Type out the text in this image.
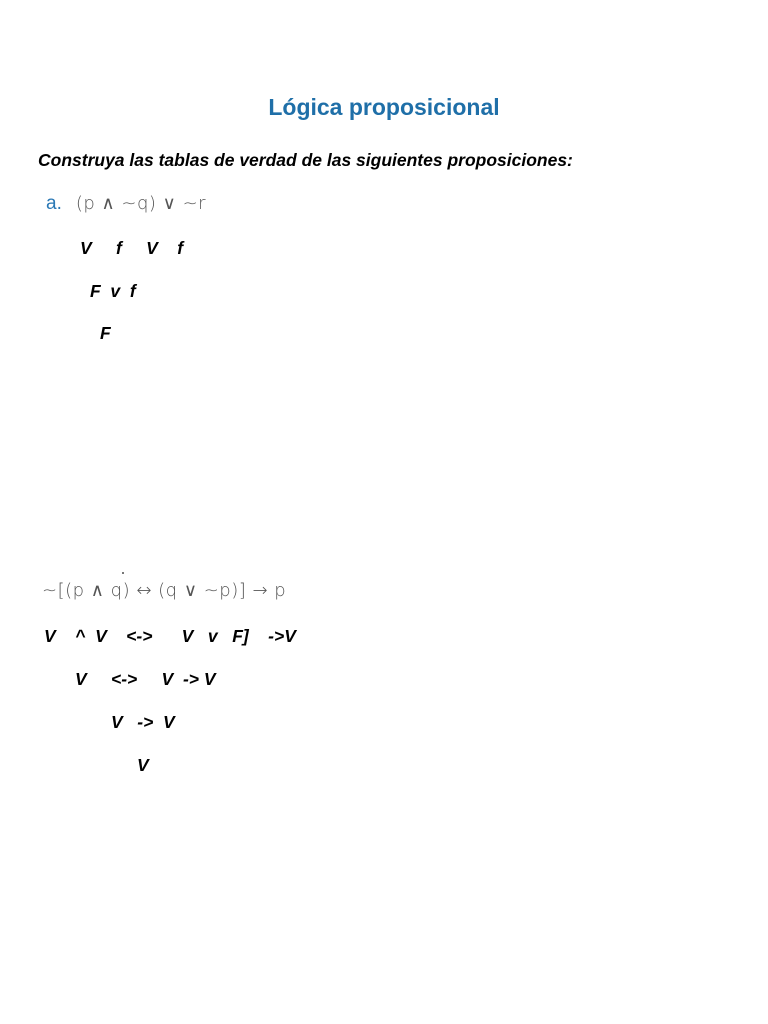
Lógica proposicional
Construya las tablas de verdad de las siguientes proposiciones:
a. (p ∧ ~q) ∨ ~r
V     f     V    f
F  v  f
F
~[(p ∧ q) ↔ (q ∨ ~p)] → p
V    ^  V    <->      V   v   F]    ->V
V     <->     V  -> V
V   ->  V
V
